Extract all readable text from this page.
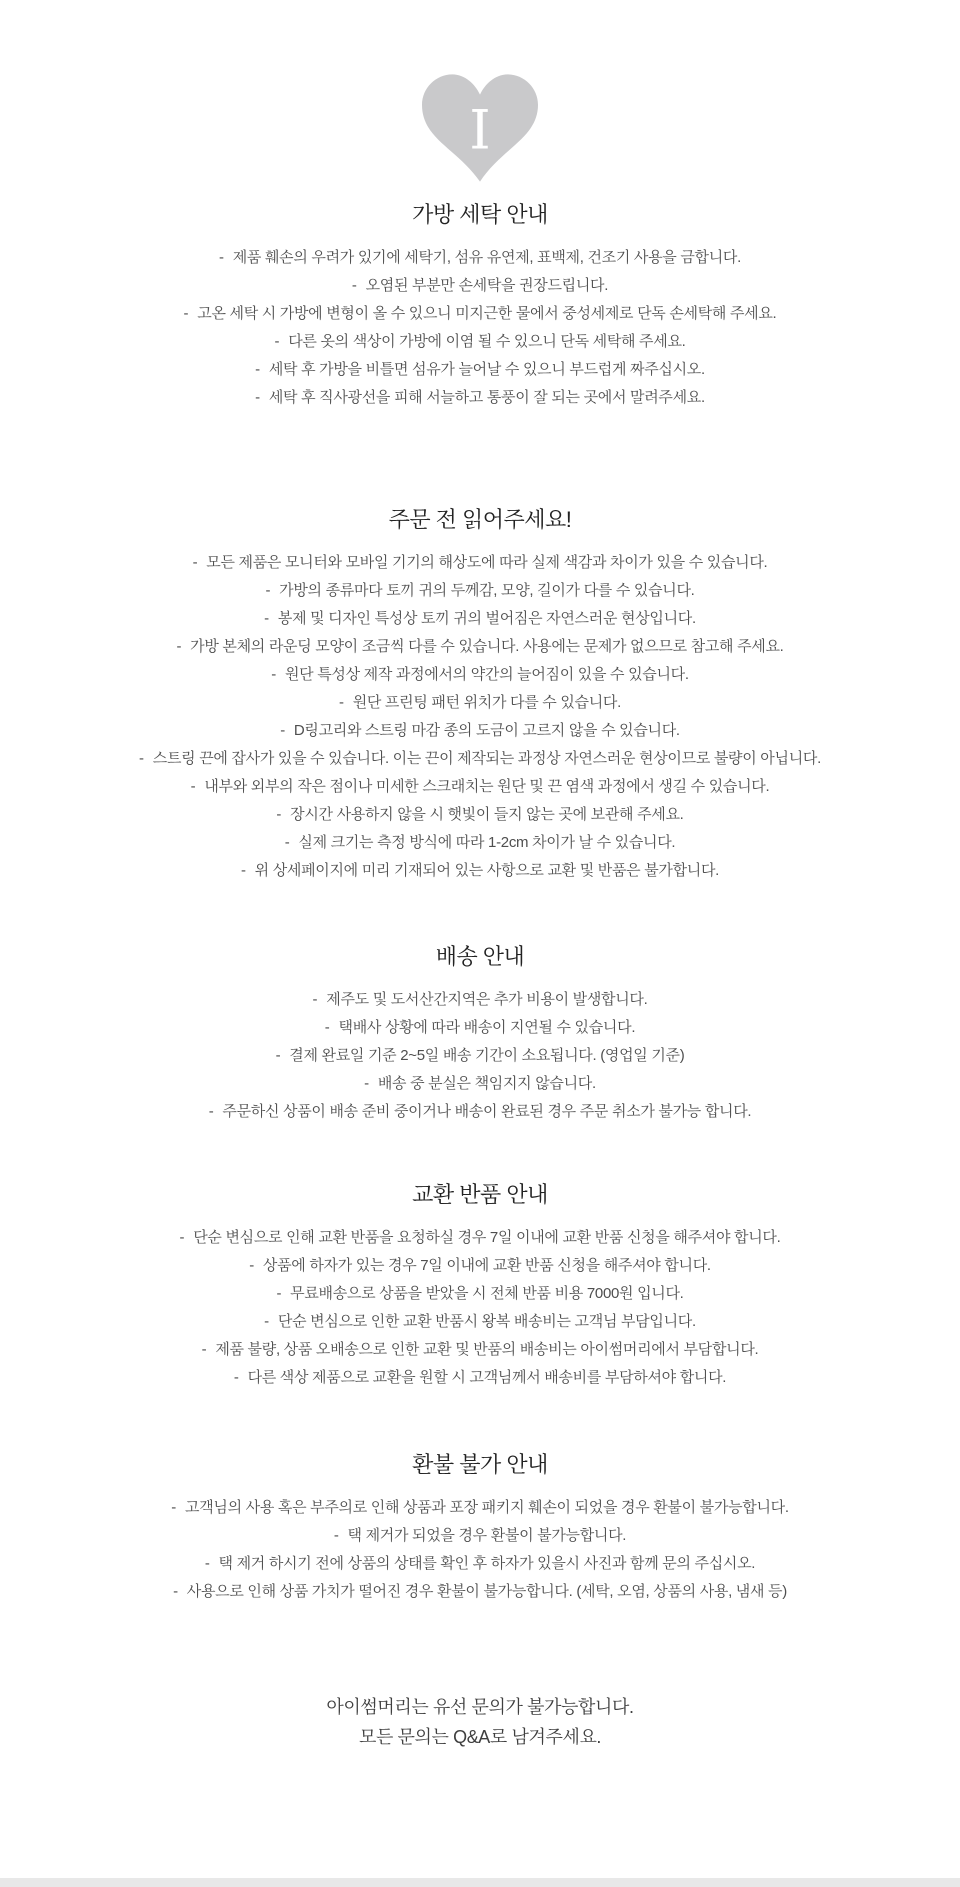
I
가방 세탁 안내
- 제품 훼손의 우려가 있기에 세탁기, 섬유 유연제, 표백제, 건조기 사용을 금합니다.
- 오염된 부분만 손세탁을 권장드립니다.
- 고온 세탁 시 가방에 변형이 올 수 있으니 미지근한 물에서 중성세제로 단독 손세탁해 주세요.
- 다른 옷의 색상이 가방에 이염 될 수 있으니 단독 세탁해 주세요.
- 세탁 후 가방을 비틀면 섬유가 늘어날 수 있으니 부드럽게 짜주십시오.
- 세탁 후 직사광선을 피해 서늘하고 통풍이 잘 되는 곳에서 말려주세요.
주문 전 읽어주세요!
- 모든 제품은 모니터와 모바일 기기의 해상도에 따라 실제 색감과 차이가 있을 수 있습니다.
- 가방의 종류마다 토끼 귀의 두께감, 모양, 길이가 다를 수 있습니다.
- 봉제 및 디자인 특성상 토끼 귀의 벌어짐은 자연스러운 현상입니다.
- 가방 본체의 라운딩 모양이 조금씩 다를 수 있습니다. 사용에는 문제가 없으므로 참고해 주세요.
- 원단 특성상 제작 과정에서의 약간의 늘어짐이 있을 수 있습니다.
- 원단 프린팅 패턴 위치가 다를 수 있습니다.
- D링고리와 스트링 마감 종의 도금이 고르지 않을 수 있습니다.
- 스트링 끈에 잡사가 있을 수 있습니다. 이는 끈이 제작되는 과정상 자연스러운 현상이므로 불량이 아닙니다.
- 내부와 외부의 작은 점이나 미세한 스크래치는 원단 및 끈 염색 과정에서 생길 수 있습니다.
- 장시간 사용하지 않을 시 햇빛이 들지 않는 곳에 보관해 주세요.
- 실제 크기는 측정 방식에 따라 1-2cm 차이가 날 수 있습니다.
- 위 상세페이지에 미리 기재되어 있는 사항으로 교환 및 반품은 불가합니다.
배송 안내
- 제주도 및 도서산간지역은 추가 비용이 발생합니다.
- 택배사 상황에 따라 배송이 지연될 수 있습니다.
- 결제 완료일 기준 2~5일 배송 기간이 소요됩니다. (영업일 기준)
- 배송 중 분실은 책임지지 않습니다.
- 주문하신 상품이 배송 준비 중이거나 배송이 완료된 경우 주문 취소가 불가능 합니다.
교환 반품 안내
- 단순 변심으로 인해 교환 반품을 요청하실 경우 7일 이내에 교환 반품 신청을 해주셔야 합니다.
- 상품에 하자가 있는 경우 7일 이내에 교환 반품 신청을 해주셔야 합니다.
- 무료배송으로 상품을 받았을 시 전체 반품 비용 7000원 입니다.
- 단순 변심으로 인한 교환 반품시 왕복 배송비는 고객님 부담입니다.
- 제품 불량, 상품 오배송으로 인한 교환 및 반품의 배송비는 아이썸머리에서 부담합니다.
- 다른 색상 제품으로 교환을 원할 시 고객님께서 배송비를 부담하셔야 합니다.
환불 불가 안내
- 고객님의 사용 혹은 부주의로 인해 상품과 포장 패키지 훼손이 되었을 경우 환불이 불가능합니다.
- 택 제거가 되었을 경우 환불이 불가능합니다.
- 택 제거 하시기 전에 상품의 상태를 확인 후 하자가 있을시 사진과 함께 문의 주십시오.
- 사용으로 인해 상품 가치가 떨어진 경우 환불이 불가능합니다. (세탁, 오염, 상품의 사용, 냄새 등)
아이썸머리는 유선 문의가 불가능합니다.
모든 문의는 Q&A로 남겨주세요.
